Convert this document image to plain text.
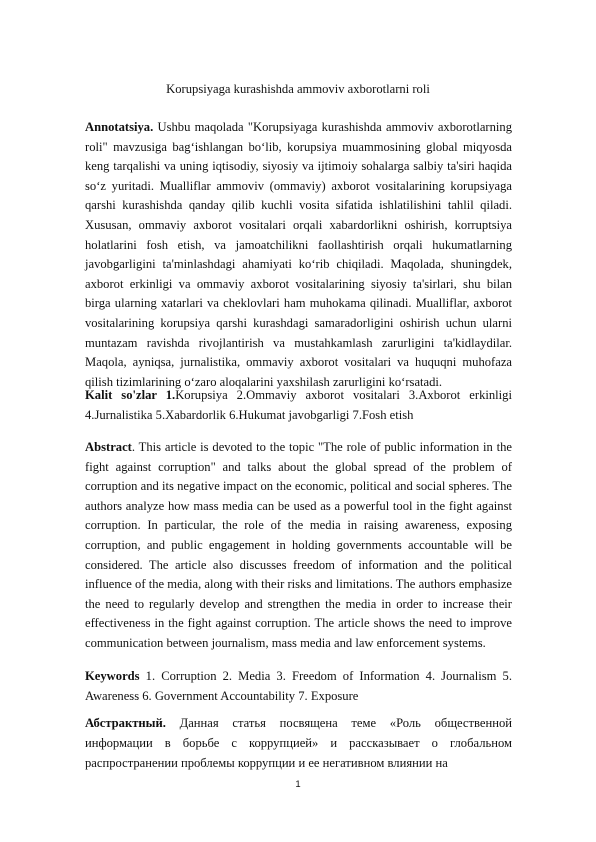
Korupsiyaga kurashishda ammoviv axborotlarni roli
Annotatsiya. Ushbu maqolada "Korupsiyaga kurashishda ammoviv axborotlarning roli" mavzusiga bag‘ishlangan bo‘lib, korupsiya muammosining global miqyosda keng tarqalishi va uning iqtisodiy, siyosiy va ijtimoiy sohalarga salbiy ta'siri haqida so‘z yuritadi. Mualliflar ammoviv (ommaviy) axborot vositalarining korupsiyaga qarshi kurashishda qanday qilib kuchli vosita sifatida ishlatilishini tahlil qiladi. Xususan, ommaviy axborot vositalari orqali xabardorlikni oshirish, korruptsiya holatlarini fosh etish, va jamoatchilikni faollashtirish orqali hukumatlarning javobgarligini ta'minlashdagi ahamiyati ko‘rib chiqiladi. Maqolada, shuningdek, axborot erkinligi va ommaviy axborot vositalarining siyosiy ta'sirlari, shu bilan birga ularning xatarlari va cheklovlari ham muhokama qilinadi. Mualliflar, axborot vositalarining korupsiya qarshi kurashdagi samaradorligini oshirish uchun ularni muntazam ravishda rivojlantirish va mustahkamlash zarurligini ta'kidlaydilar. Maqola, ayniqsa, jurnalistika, ommaviy axborot vositalari va huquqni muhofaza qilish tizimlarining o‘zaro aloqalarini yaxshilash zarurligini ko‘rsatadi.
Kalit so'zlar 1.Korupsiya 2.Ommaviy axborot vositalari 3.Axborot erkinligi 4.Jurnalistika 5.Xabardorlik 6.Hukumat javobgarligi 7.Fosh etish
Abstract. This article is devoted to the topic "The role of public information in the fight against corruption" and talks about the global spread of the problem of corruption and its negative impact on the economic, political and social spheres. The authors analyze how mass media can be used as a powerful tool in the fight against corruption. In particular, the role of the media in raising awareness, exposing corruption, and public engagement in holding governments accountable will be considered. The article also discusses freedom of information and the political influence of the media, along with their risks and limitations. The authors emphasize the need to regularly develop and strengthen the media in order to increase their effectiveness in the fight against corruption. The article shows the need to improve communication between journalism, mass media and law enforcement systems.
Keywords 1. Corruption 2. Media 3. Freedom of Information 4. Journalism 5. Awareness 6. Government Accountability 7. Exposure
Абстрактный. Данная статья посвящена теме «Роль общественной информации в борьбе с коррупцией» и рассказывает о глобальном распространении проблемы коррупции и ее негативном влиянии на
1
